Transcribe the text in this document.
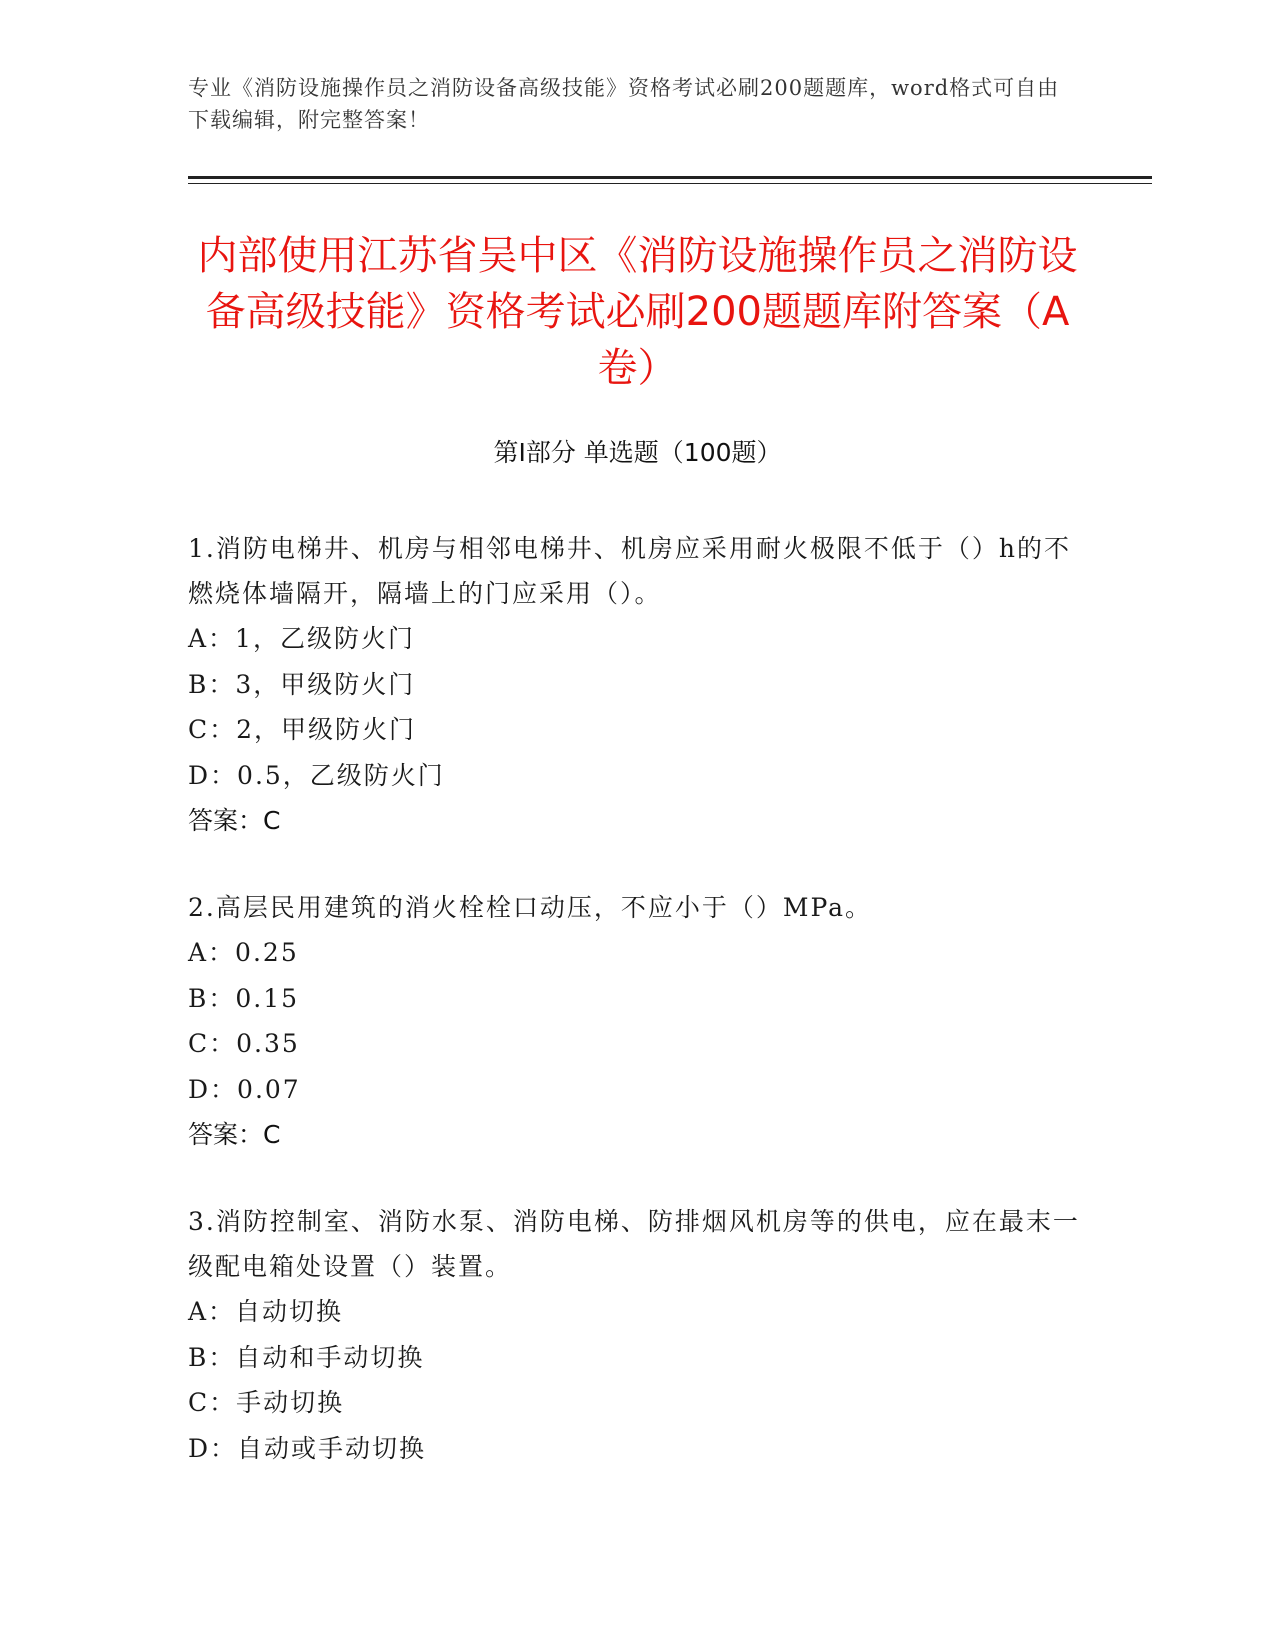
专业《消防设施操作员之消防设备高级技能》资格考试必刷200题题库，word格式可自由下载编辑，附完整答案！
内部使用江苏省吴中区《消防设施操作员之消防设备高级技能》资格考试必刷200题题库附答案（A卷）
第I部分 单选题（100题）

1.消防电梯井、机房与相邻电梯井、机房应采用耐火极限不低于（）h的不燃烧体墙隔开，隔墙上的门应采用（）。

A：1，乙级防火门

B：3，甲级防火门

C：2，甲级防火门

D：0.5，乙级防火门

答案：C

2.高层民用建筑的消火栓栓口动压，不应小于（）MPa。

A：0.25

B：0.15

C：0.35

D：0.07

答案：C

3.消防控制室、消防水泵、消防电梯、防排烟风机房等的供电，应在最末一级配电箱处设置（）装置。

A：自动切换

B：自动和手动切换

C：手动切换

D：自动或手动切换
